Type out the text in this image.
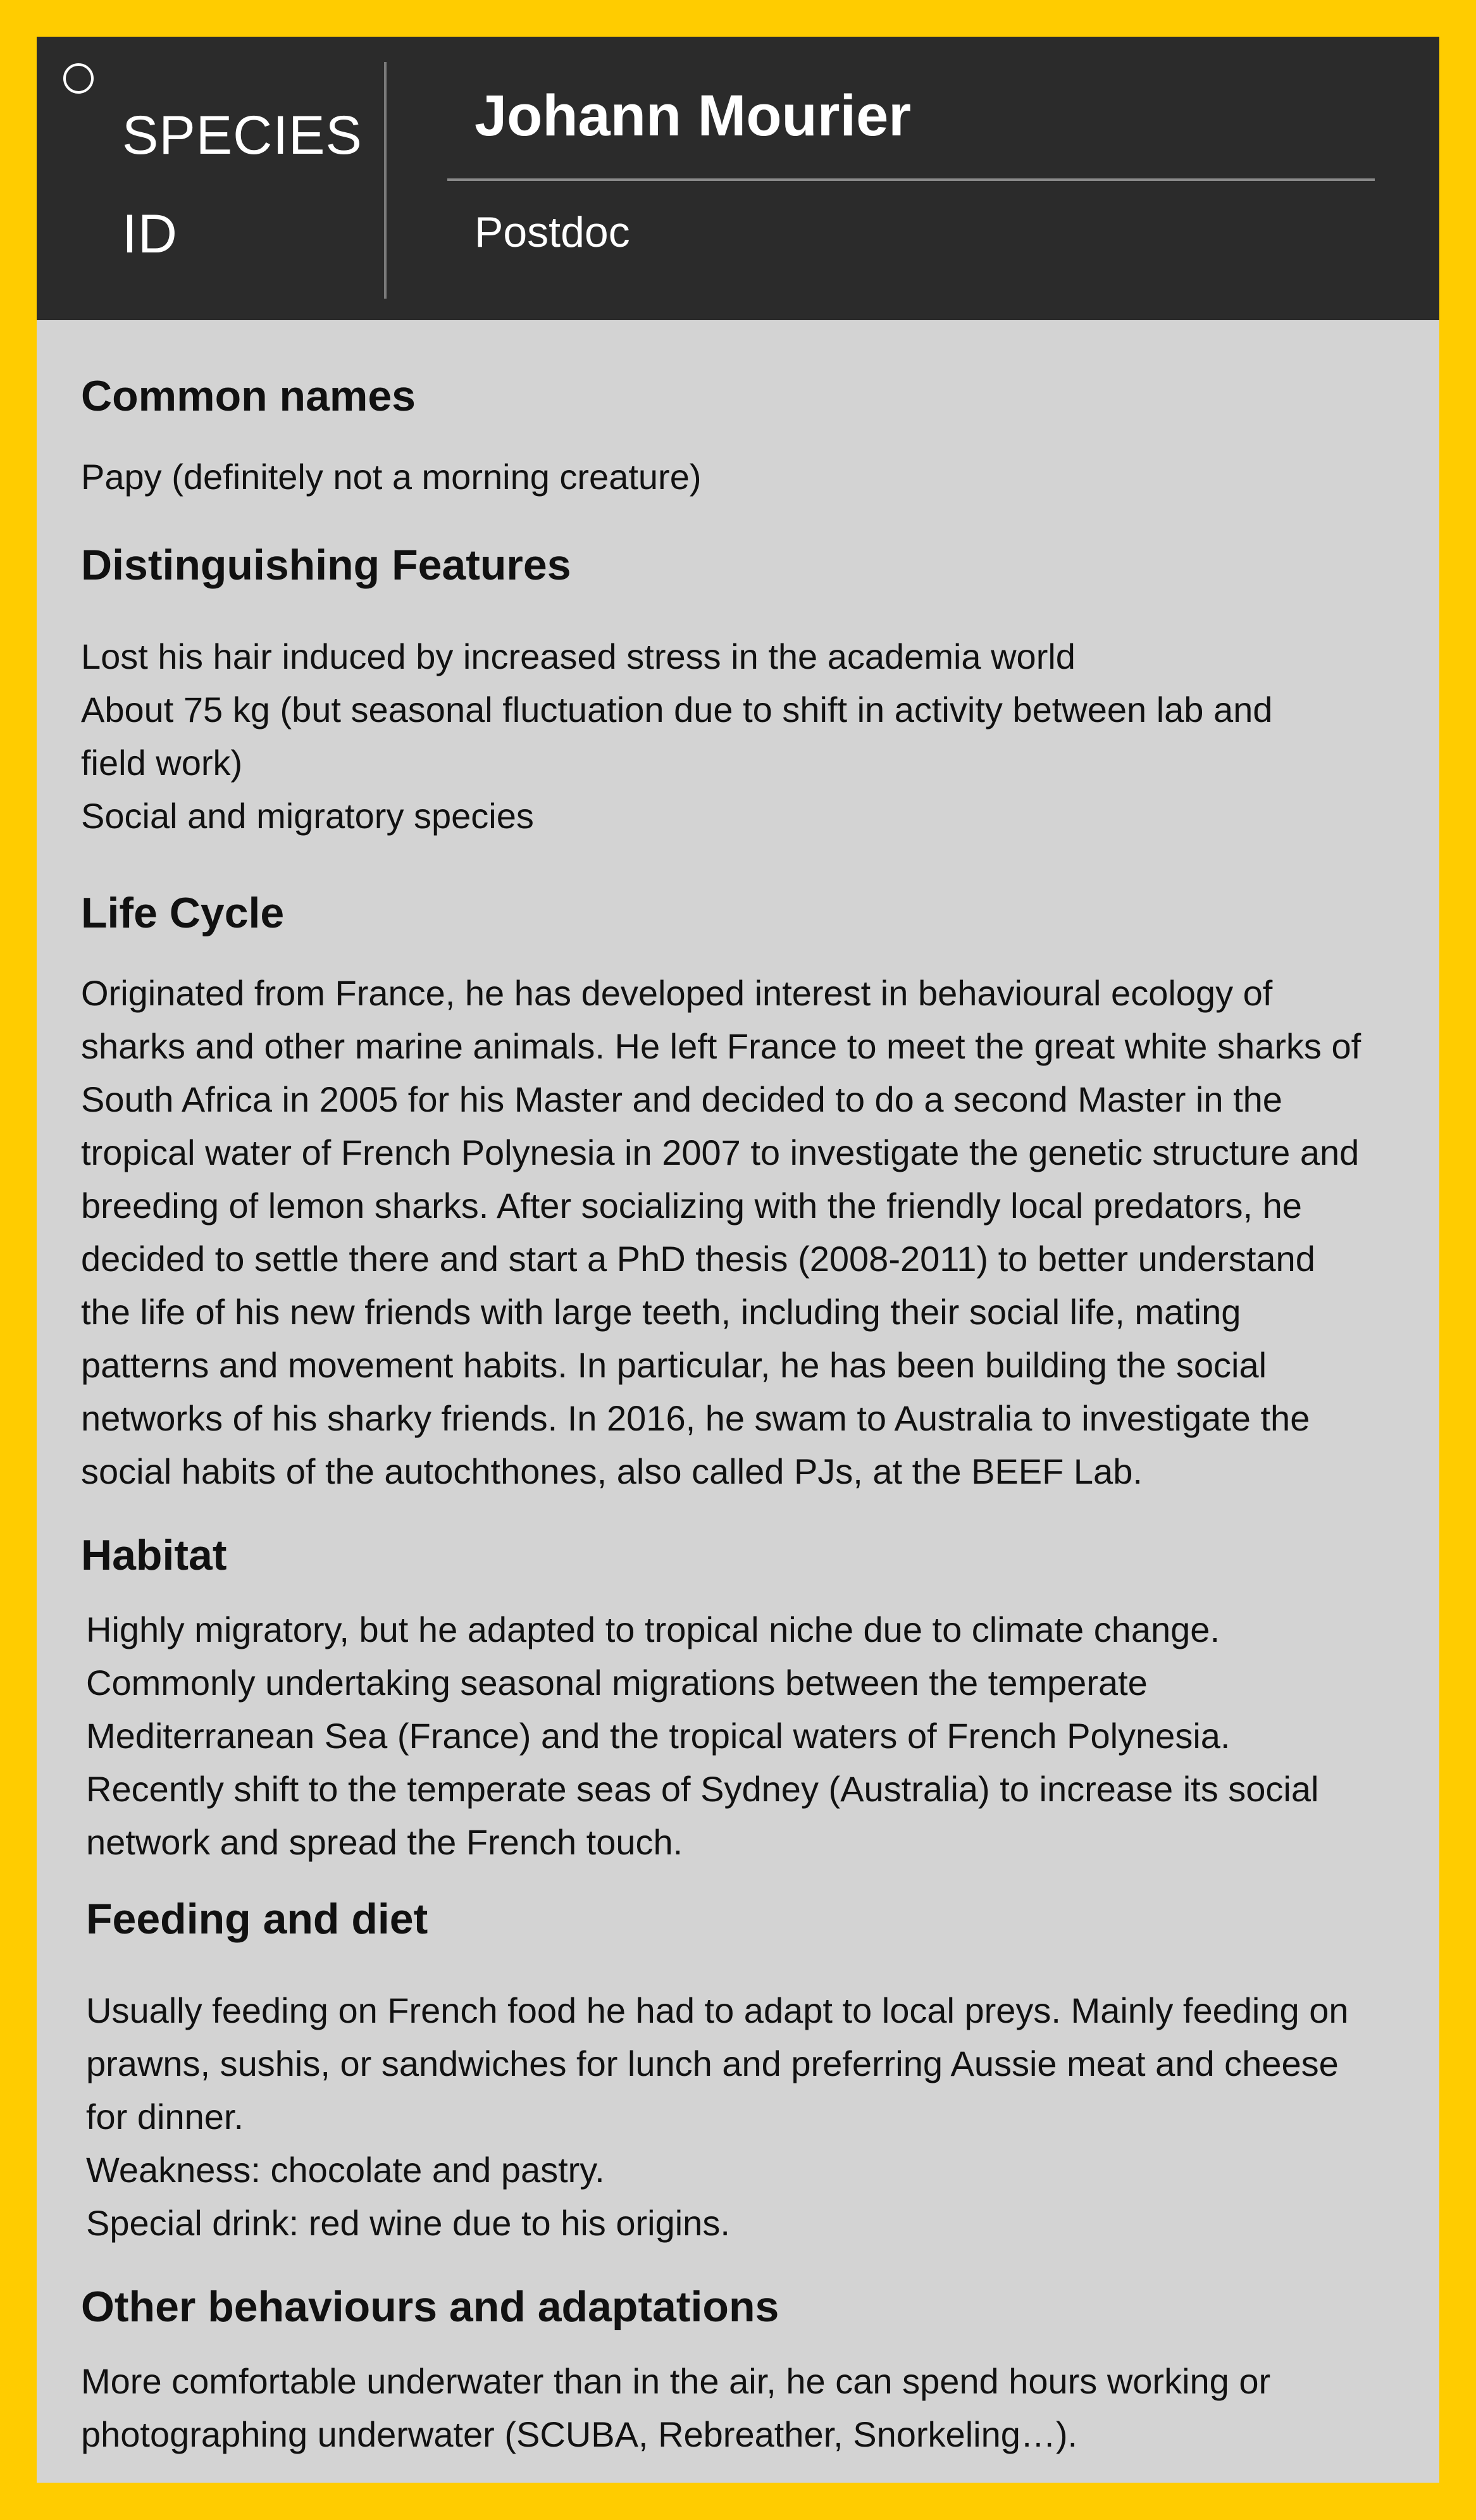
SPECIES ID
Johann Mourier
Postdoc
Common names
Papy (definitely not a morning creature)
Distinguishing Features
Lost his hair induced by increased stress in the academia world
About 75 kg (but seasonal fluctuation due to shift in activity between lab and
field work)
Social and migratory species
Life Cycle
Originated from France, he has developed interest in behavioural ecology of
sharks and other marine animals. He left France to meet the great white sharks of
South Africa in 2005 for his Master and decided to do a second Master in the
tropical water of French Polynesia in 2007 to investigate the genetic structure and
breeding of lemon sharks. After socializing with the friendly local predators, he
decided to settle there and start a PhD thesis (2008-2011) to better understand
the life of his new friends with large teeth, including their social life, mating
patterns and movement habits. In particular, he has been building the social
networks of his sharky friends. In 2016, he swam to Australia to investigate the
social habits of the autochthones, also called PJs, at the BEEF Lab.
Habitat
Highly migratory, but he adapted to tropical niche due to climate change.
Commonly undertaking seasonal migrations between the temperate
Mediterranean Sea (France) and the tropical waters of French Polynesia.
Recently shift to the temperate seas of Sydney (Australia) to increase its social
network and spread the French touch.
Feeding and diet
Usually feeding on French food he had to adapt to local preys. Mainly feeding on
prawns, sushis, or sandwiches for lunch and preferring Aussie meat and cheese
for dinner.
Weakness: chocolate and pastry.
Special drink: red wine due to his origins.
Other behaviours and adaptations
More comfortable underwater than in the air, he can spend hours working or
photographing underwater (SCUBA, Rebreather, Snorkeling…).
